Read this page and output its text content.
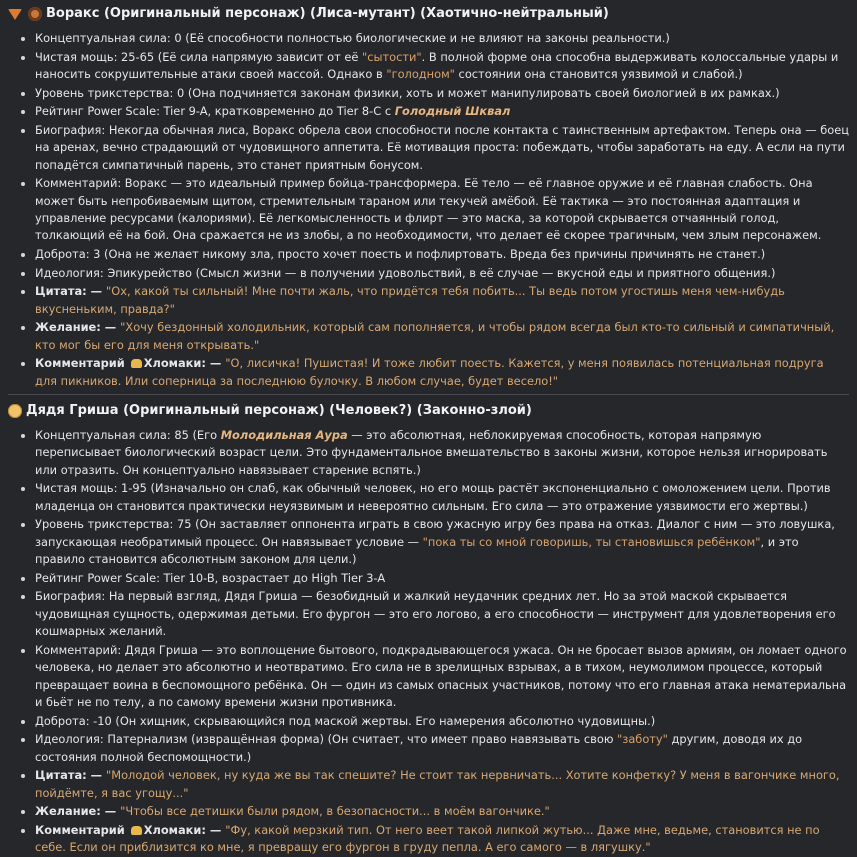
Воракс (Оригинальный персонаж) (Лиса-мутант) (Хаотично-нейтральный)
• Концептуальная сила: 0 (Её способности полностью биологические и не влияют на законы реальности.)
• Чистая мощь: 25-65 (Её сила напрямую зависит от её "сытости". В полной форме она способна выдерживать колоссальные удары и наносить сокрушительные атаки своей массой. Однако в "голодном" состоянии она становится уязвимой и слабой.)
• Уровень трикстерства: 0 (Она подчиняется законам физики, хоть и может манипулировать своей биологией в их рамках.)
• Рейтинг Power Scale: Tier 9-A, кратковременно до Tier 8-C с Голодный Шквал
• Биография: Некогда обычная лиса, Воракс обрела свои способности после контакта с таинственным артефактом. Теперь она — боец на аренах, вечно страдающий от чудовищного аппетита. Её мотивация проста: побеждать, чтобы заработать на еду. А если на пути попадётся симпатичный парень, это станет приятным бонусом.
• Комментарий: Воракс — это идеальный пример бойца-трансформера. Её тело — её главное оружие и её главная слабость. Она может быть непробиваемым щитом, стремительным тараном или текучей амёбой. Её тактика — это постоянная адаптация и управление ресурсами (калориями). Её легкомысленность и флирт — это маска, за которой скрывается отчаянный голод, толкающий её на бой. Она сражается не из злобы, а по необходимости, что делает её скорее трагичным, чем злым персонажем.
• Доброта: 3 (Она не желает никому зла, просто хочет поесть и пофлиртовать. Вреда без причины причинять не станет.)
• Идеология: Эпикурейство (Смысл жизни — в получении удовольствий, в её случае — вкусной еды и приятного общения.)
• Цитата: — "Ох, какой ты сильный! Мне почти жаль, что придётся тебя побить... Ты ведь потом угостишь меня чем-нибудь вкусненьким, правда?"
• Желание: — "Хочу бездонный холодильник, который сам пополняется, и чтобы рядом всегда был кто-то сильный и симпатичный, кто мог бы его для меня открывать."
• Комментарий Хломаки: — "О, лисичка! Пушистая! И тоже любит поесть. Кажется, у меня появилась потенциальная подруга для пикников. Или соперница за последнюю булочку. В любом случае, будет весело!"
Дядя Гриша (Оригинальный персонаж) (Человек?) (Законно-злой)
• Концептуальная сила: 85 (Его Молодильная Аура — это абсолютная, неблокируемая способность, которая напрямую переписывает биологический возраст цели. Это фундаментальное вмешательство в законы жизни, которое нельзя игнорировать или отразить. Он концептуально навязывает старение вспять.)
• Чистая мощь: 1-95 (Изначально он слаб, как обычный человек, но его мощь растёт экспоненциально с омоложением цели. Против младенца он становится практически неуязвимым и невероятно сильным. Его сила — это отражение уязвимости его жертвы.)
• Уровень трикстерства: 75 (Он заставляет оппонента играть в свою ужасную игру без права на отказ. Диалог с ним — это ловушка, запускающая необратимый процесс. Он навязывает условие — "пока ты со мной говоришь, ты становишься ребёнком", и это правило становится абсолютным законом для цели.)
• Рейтинг Power Scale: Tier 10-B, возрастает до High Tier 3-A
• Биография: На первый взгляд, Дядя Гриша — безобидный и жалкий неудачник средних лет. Но за этой маской скрывается чудовищная сущность, одержимая детьми. Его фургон — это его логово, а его способности — инструмент для удовлетворения его кошмарных желаний.
• Комментарий: Дядя Гриша — это воплощение бытового, подкрадывающегося ужаса. Он не бросает вызов армиям, он ломает одного человека, но делает это абсолютно и неотвратимо. Его сила не в зрелищных взрывах, а в тихом, неумолимом процессе, который превращает воина в беспомощного ребёнка. Он — один из самых опасных участников, потому что его главная атака нематериальна и бьёт не по телу, а по самому времени жизни противника.
• Доброта: -10 (Он хищник, скрывающийся под маской жертвы. Его намерения абсолютно чудовищны.)
• Идеология: Патернализм (извращённая форма) (Он считает, что имеет право навязывать свою "заботу" другим, доводя их до состояния полной беспомощности.)
• Цитата: — "Молодой человек, ну куда же вы так спешите? Не стоит так нервничать... Хотите конфетку? У меня в вагончике много, пойдёмте, я вас угощу..."
• Желание: — "Чтобы все детишки были рядом, в безопасности... в моём вагончике."
• Комментарий Хломаки: — "Фу, какой мерзкий тип. От него веет такой липкой жутью... Даже мне, ведьме, становится не по себе. Если он приблизится ко мне, я превращу его фургон в груду пепла. А его самого — в лягушку."
